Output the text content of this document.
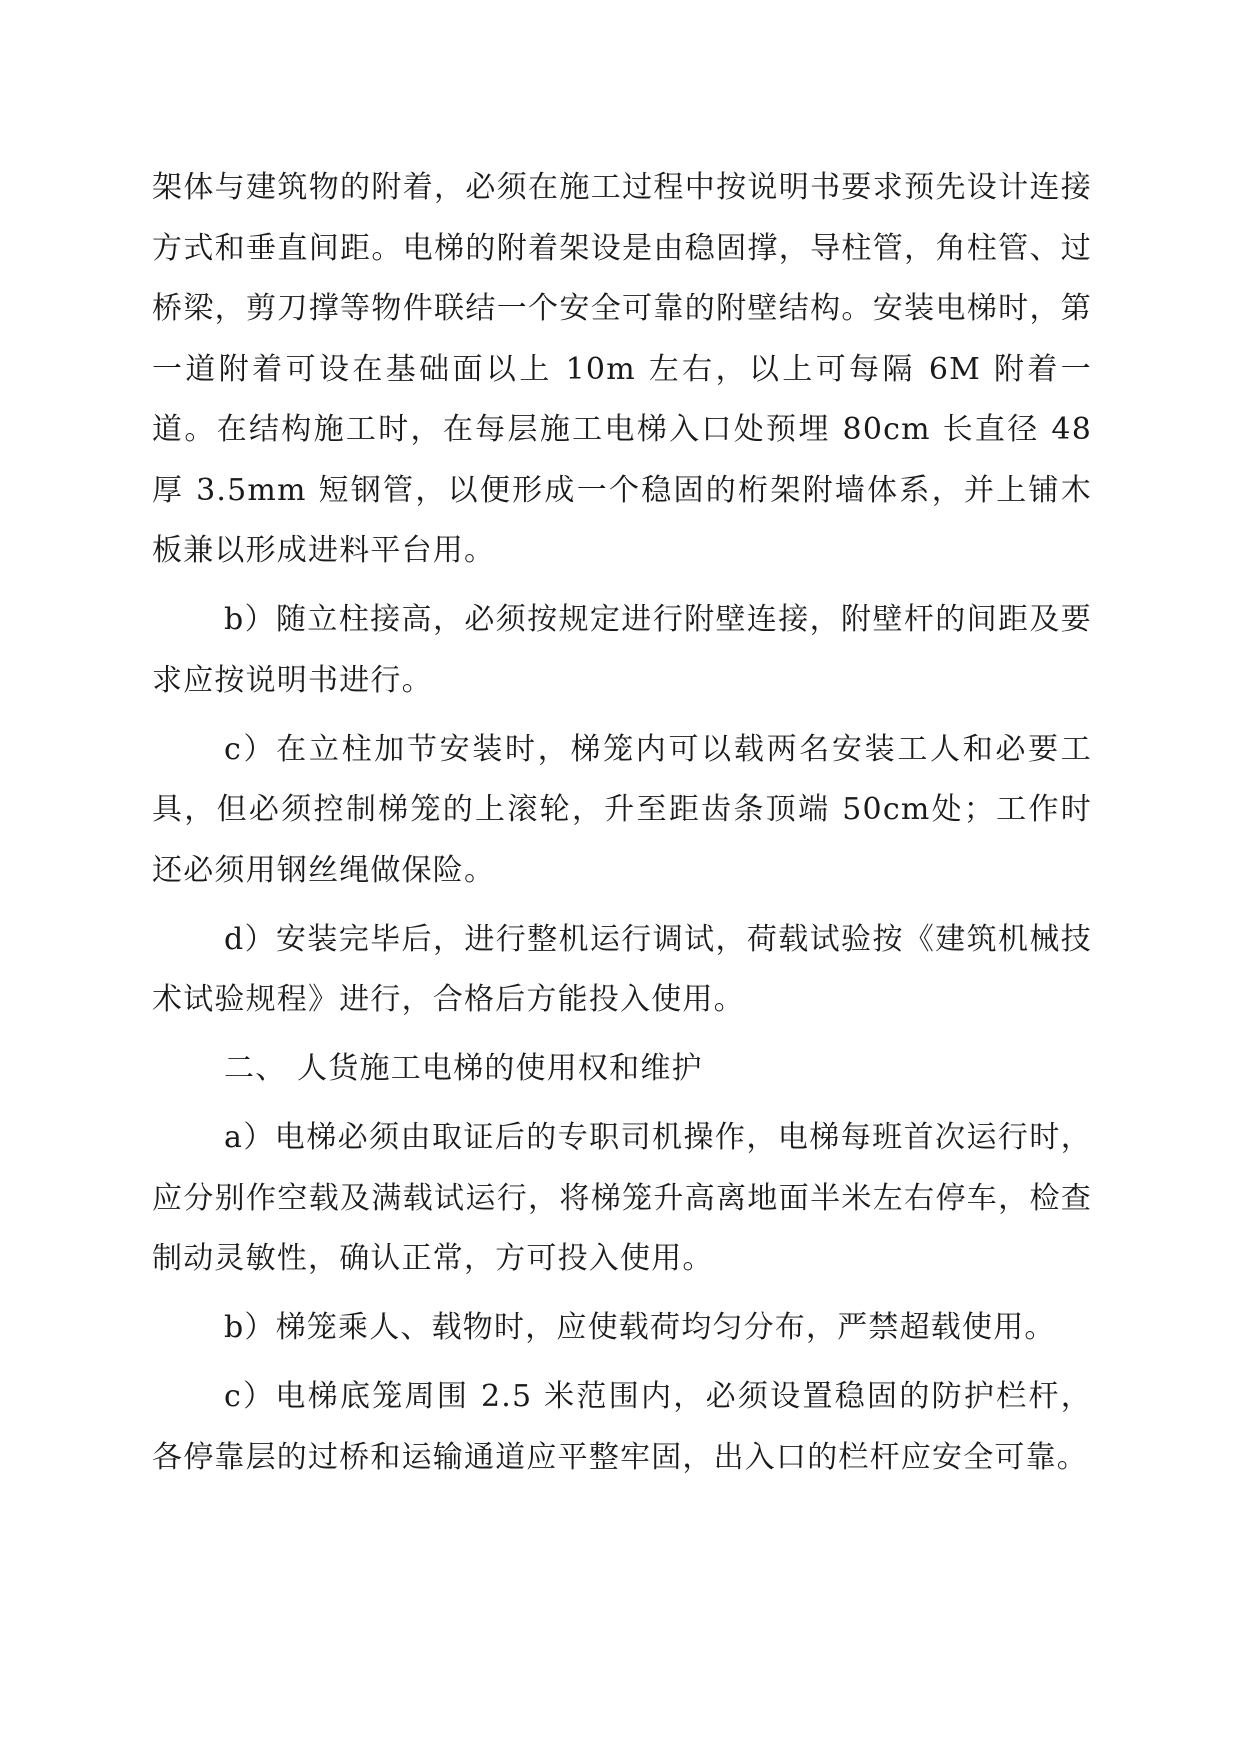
架体与建筑物的附着，必须在施工过程中按说明书要求预先设计连接方式和垂直间距。电梯的附着架设是由稳固撑，导柱管，角柱管、过桥梁，剪刀撑等物件联结一个安全可靠的附壁结构。安装电梯时，第一道附着可设在基础面以上 10m 左右，以上可每隔 6M 附着一道。在结构施工时，在每层施工电梯入口处预埋 80cm 长直径 48 厚 3.5mm 短钢管，以便形成一个稳固的桁架附墙体系，并上铺木板兼以形成进料平台用。

b）随立柱接高，必须按规定进行附壁连接，附壁杆的间距及要求应按说明书进行。

c）在立柱加节安装时，梯笼内可以载两名安装工人和必要工具，但必须控制梯笼的上滚轮，升至距齿条顶端 50cm处；工作时还必须用钢丝绳做保险。

d）安装完毕后，进行整机运行调试，荷载试验按《建筑机械技术试验规程》进行，合格后方能投入使用。

二、 人货施工电梯的使用权和维护

a）电梯必须由取证后的专职司机操作，电梯每班首次运行时，应分别作空载及满载试运行，将梯笼升高离地面半米左右停车，检查制动灵敏性，确认正常，方可投入使用。

b）梯笼乘人、载物时，应使载荷均匀分布，严禁超载使用。

c）电梯底笼周围 2.5 米范围内，必须设置稳固的防护栏杆，各停靠层的过桥和运输通道应平整牢固，出入口的栏杆应安全可靠。
